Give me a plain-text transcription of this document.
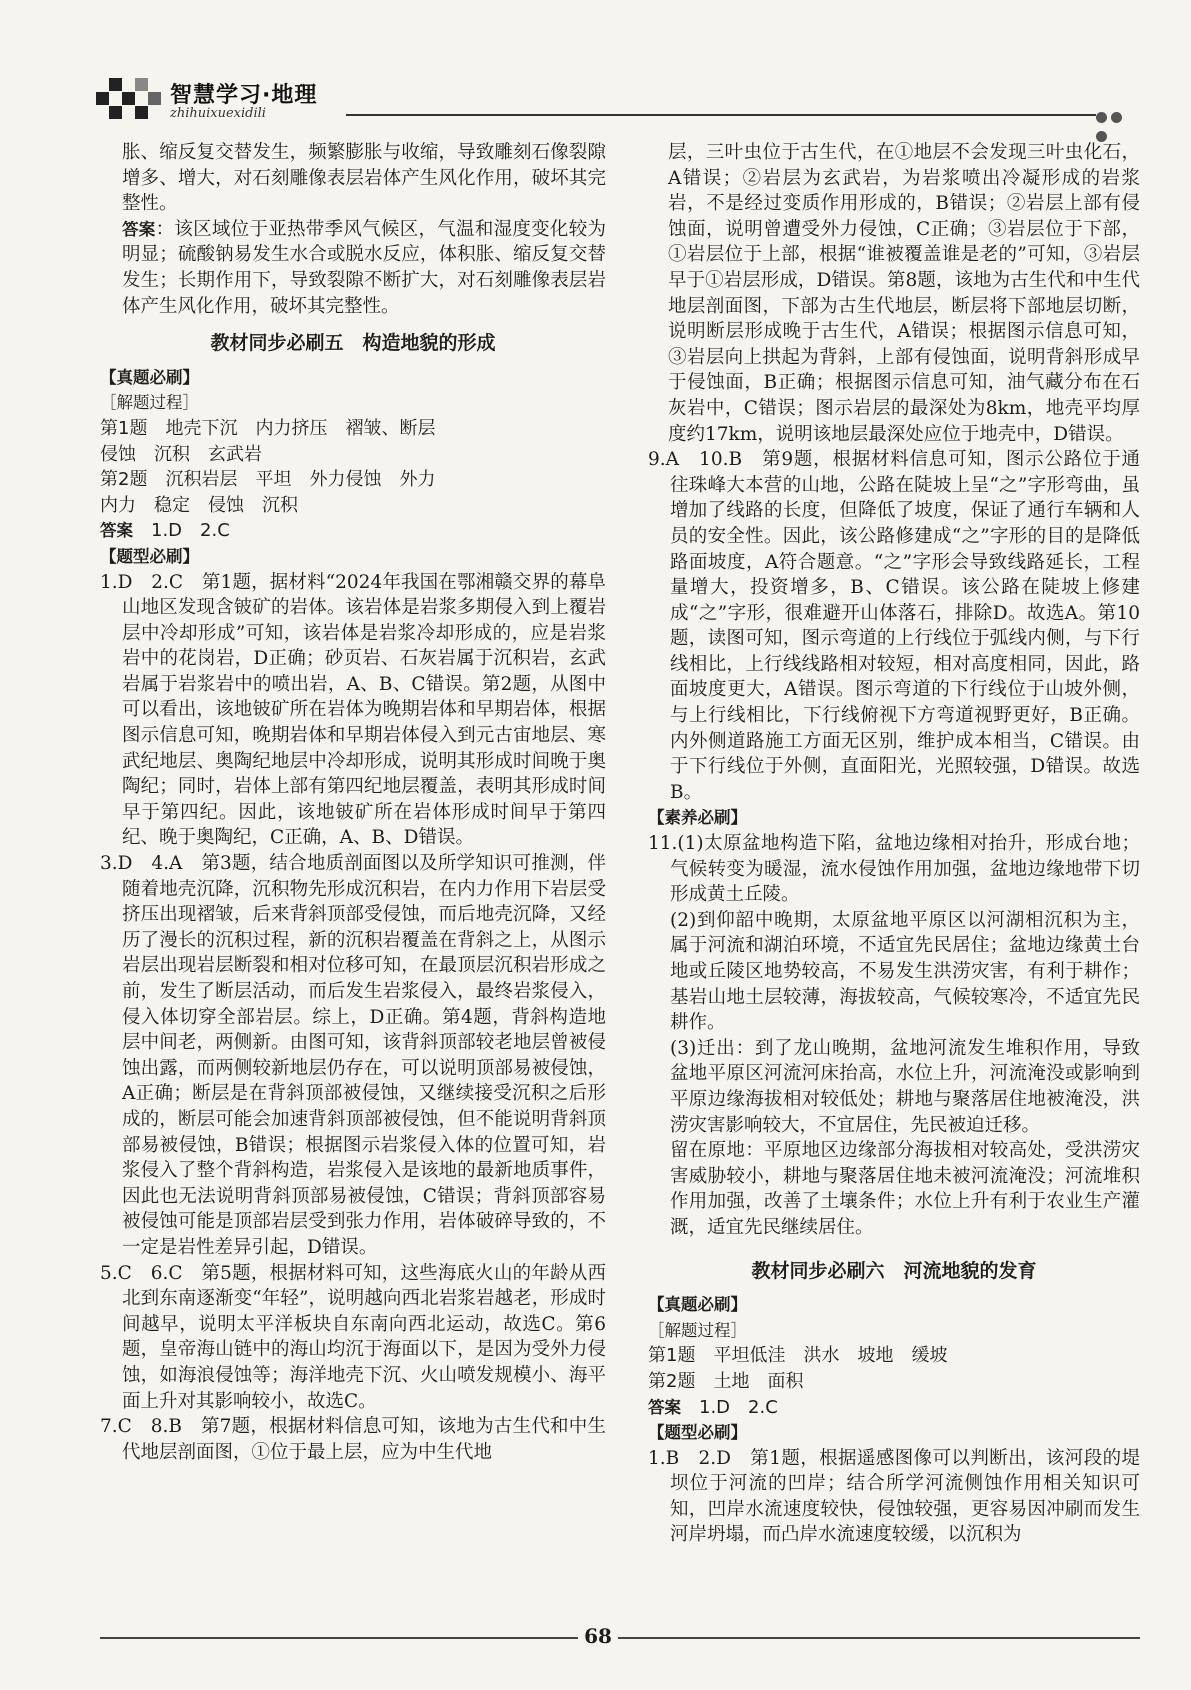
智慧学习·地理
zhihuixuexidili

胀、缩反复交替发生，频繁膨胀与收缩，导致雕刻石像裂隙增多、增大，对石刻雕像表层岩体产生风化作用，破坏其完整性。

答案：该区域位于亚热带季风气候区，气温和湿度变化较为明显；硫酸钠易发生水合或脱水反应，体积胀、缩反复交替发生；长期作用下，导致裂隙不断扩大，对石刻雕像表层岩体产生风化作用，破坏其完整性。

教材同步必刷五　构造地貌的形成

【真题必刷】

［解题过程］

第1题　地壳下沉　内力挤压　褶皱、断层

侵蚀　沉积　玄武岩

第2题　沉积岩层　平坦　外力侵蚀　外力

内力　稳定　侵蚀　沉积

答案　1.D　2.C

【题型必刷】

1.D　2.C　第1题，据材料“2024年我国在鄂湘赣交界的幕阜山地区发现含铍矿的岩体。该岩体是岩浆多期侵入到上覆岩层中冷却形成”可知，该岩体是岩浆冷却形成的，应是岩浆岩中的花岗岩，D正确；砂页岩、石灰岩属于沉积岩，玄武岩属于岩浆岩中的喷出岩，A、B、C错误。第2题，从图中可以看出，该地铍矿所在岩体为晚期岩体和早期岩体，根据图示信息可知，晚期岩体和早期岩体侵入到元古宙地层、寒武纪地层、奥陶纪地层中冷却形成，说明其形成时间晚于奥陶纪；同时，岩体上部有第四纪地层覆盖，表明其形成时间早于第四纪。因此，该地铍矿所在岩体形成时间早于第四纪、晚于奥陶纪，C正确，A、B、D错误。

3.D　4.A　第3题，结合地质剖面图以及所学知识可推测，伴随着地壳沉降，沉积物先形成沉积岩，在内力作用下岩层受挤压出现褶皱，后来背斜顶部受侵蚀，而后地壳沉降，又经历了漫长的沉积过程，新的沉积岩覆盖在背斜之上，从图示岩层出现岩层断裂和相对位移可知，在最顶层沉积岩形成之前，发生了断层活动，而后发生岩浆侵入，最终岩浆侵入，侵入体切穿全部岩层。综上，D正确。第4题，背斜构造地层中间老，两侧新。由图可知，该背斜顶部较老地层曾被侵蚀出露，而两侧较新地层仍存在，可以说明顶部易被侵蚀，A正确；断层是在背斜顶部被侵蚀，又继续接受沉积之后形成的，断层可能会加速背斜顶部被侵蚀，但不能说明背斜顶部易被侵蚀，B错误；根据图示岩浆侵入体的位置可知，岩浆侵入了整个背斜构造，岩浆侵入是该地的最新地质事件，因此也无法说明背斜顶部易被侵蚀，C错误；背斜顶部容易被侵蚀可能是顶部岩层受到张力作用，岩体破碎导致的，不一定是岩性差异引起，D错误。

5.C　6.C　第5题，根据材料可知，这些海底火山的年龄从西北到东南逐渐变“年轻”，说明越向西北岩浆岩越老，形成时间越早，说明太平洋板块自东南向西北运动，故选C。第6题，皇帝海山链中的海山均沉于海面以下，是因为受外力侵蚀，如海浪侵蚀等；海洋地壳下沉、火山喷发规模小、海平面上升对其影响较小，故选C。

7.C　8.B　第7题，根据材料信息可知，该地为古生代和中生代地层剖面图，①位于最上层，应为中生代地

层，三叶虫位于古生代，在①地层不会发现三叶虫化石，A错误；②岩层为玄武岩，为岩浆喷出冷凝形成的岩浆岩，不是经过变质作用形成的，B错误；②岩层上部有侵蚀面，说明曾遭受外力侵蚀，C正确；③岩层位于下部，①岩层位于上部，根据“谁被覆盖谁是老的”可知，③岩层早于①岩层形成，D错误。第8题，该地为古生代和中生代地层剖面图，下部为古生代地层，断层将下部地层切断，说明断层形成晚于古生代，A错误；根据图示信息可知，③岩层向上拱起为背斜，上部有侵蚀面，说明背斜形成早于侵蚀面，B正确；根据图示信息可知，油气藏分布在石灰岩中，C错误；图示岩层的最深处为8km，地壳平均厚度约17km，说明该地层最深处应位于地壳中，D错误。

9.A　10.B　第9题，根据材料信息可知，图示公路位于通往珠峰大本营的山地，公路在陡坡上呈“之”字形弯曲，虽增加了线路的长度，但降低了坡度，保证了通行车辆和人员的安全性。因此，该公路修建成“之”字形的目的是降低路面坡度，A符合题意。“之”字形会导致线路延长，工程量增大，投资增多，B、C错误。该公路在陡坡上修建成“之”字形，很难避开山体落石，排除D。故选A。第10题，读图可知，图示弯道的上行线位于弧线内侧，与下行线相比，上行线线路相对较短，相对高度相同，因此，路面坡度更大，A错误。图示弯道的下行线位于山坡外侧，与上行线相比，下行线俯视下方弯道视野更好，B正确。内外侧道路施工方面无区别，维护成本相当，C错误。由于下行线位于外侧，直面阳光，光照较强，D错误。故选B。

【素养必刷】

11.(1)太原盆地构造下陷，盆地边缘相对抬升，形成台地；气候转变为暖湿，流水侵蚀作用加强，盆地边缘地带下切形成黄土丘陵。

(2)到仰韶中晚期，太原盆地平原区以河湖相沉积为主，属于河流和湖泊环境，不适宜先民居住；盆地边缘黄土台地或丘陵区地势较高，不易发生洪涝灾害，有利于耕作；基岩山地土层较薄，海拔较高，气候较寒冷，不适宜先民耕作。

(3)迁出：到了龙山晚期，盆地河流发生堆积作用，导致盆地平原区河流河床抬高，水位上升，河流淹没或影响到平原边缘海拔相对较低处；耕地与聚落居住地被淹没，洪涝灾害影响较大，不宜居住，先民被迫迁移。

留在原地：平原地区边缘部分海拔相对较高处，受洪涝灾害威胁较小，耕地与聚落居住地未被河流淹没；河流堆积作用加强，改善了土壤条件；水位上升有利于农业生产灌溉，适宜先民继续居住。

教材同步必刷六　河流地貌的发育

【真题必刷】

［解题过程］

第1题　平坦低洼　洪水　坡地　缓坡

第2题　土地　面积

答案　1.D　2.C

【题型必刷】

1.B　2.D　第1题，根据遥感图像可以判断出，该河段的堤坝位于河流的凹岸；结合所学河流侧蚀作用相关知识可知，凹岸水流速度较快，侵蚀较强，更容易因冲刷而发生河岸坍塌，而凸岸水流速度较缓，以沉积为

68
